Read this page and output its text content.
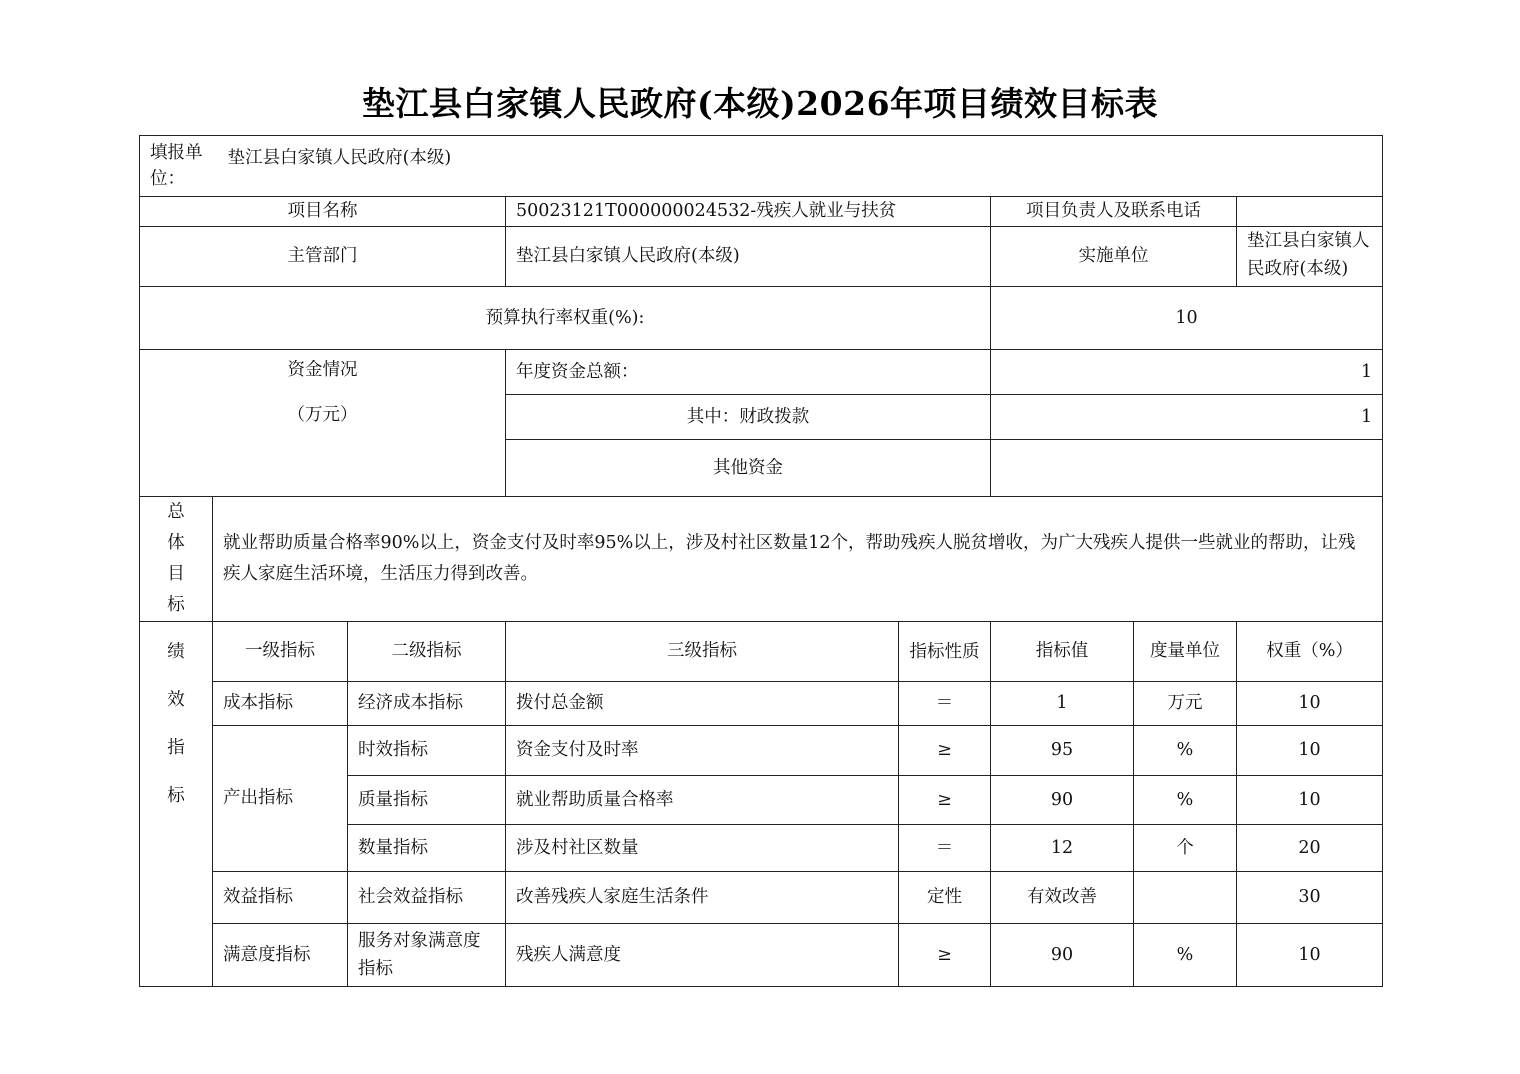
垫江县白家镇人民政府(本级)2026年项目绩效目标表
填报单位： 垫江县白家镇人民政府(本级)							
项目名称			50023121T000000024532-残疾人就业与扶贫		项目负责人及联系电话		
主管部门			垫江县白家镇人民政府(本级)		实施单位		垫江县白家镇人民政府(本级)
预算执行率权重(%):					10		

资金情况
（万元）			年度资金总额：		1		
			其中：财政拨款		1		
			其他资金				

总
体
目
标	就业帮助质量合格率90%以上，资金支付及时率95%以上，涉及村社区数量12个，帮助残疾人脱贫增收，为广大残疾人提供一些就业的帮助，让残疾人家庭生活环境，生活压力得到改善。						

绩
效
指
标	一级指标	二级指标	三级指标	指标性质	指标值	度量单位	权重（%）
	成本指标	经济成本指标	拨付总金额	＝	1	万元	10
	产出指标	时效指标	资金支付及时率	≥	95	%	10
		质量指标	就业帮助质量合格率	≥	90	%	10
		数量指标	涉及村社区数量	＝	12	个	20
	效益指标	社会效益指标	改善残疾人家庭生活条件	定性	有效改善		30
	满意度指标	服务对象满意度指标	残疾人满意度	≥	90	%	10
